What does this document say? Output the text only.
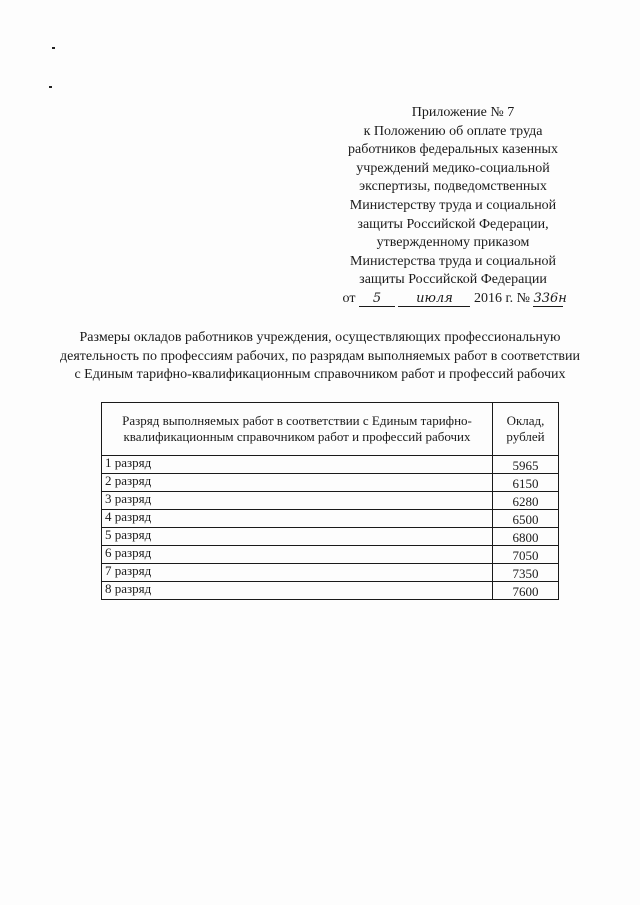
Приложение № 7
к Положению об оплате труда
работников федеральных казенных
учреждений медико-социальной
экспертизы, подведомственных
Министерству труда и социальной
защиты Российской Федерации,
утвержденному приказом
Министерства труда и социальной
защиты Российской Федерации
от 5	июля 2016 г. № 336н
Размеры окладов работников учреждения, осуществляющих профессиональную деятельность по профессиям рабочих, по разрядам выполняемых работ в соответствии с Единым тарифно-квалификационным справочником работ и профессий рабочих
Разряд выполняемых работ в соответствии с Единым тарифно-квалификационным справочником работ и профессий рабочих	Оклад, рублей
1 разряд	5965
2 разряд	6150
3 разряд	6280
4 разряд	6500
5 разряд	6800
6 разряд	7050
7 разряд	7350
8 разряд	7600
